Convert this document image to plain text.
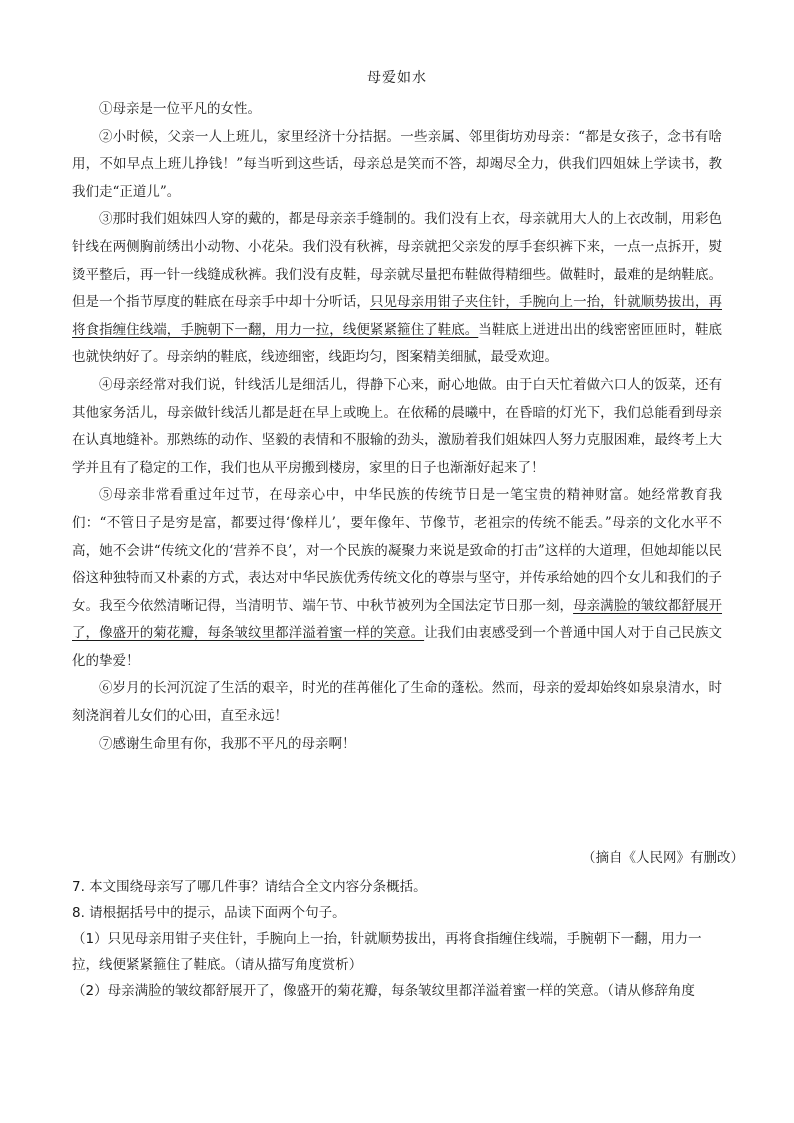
母爱如水

①母亲是一位平凡的女性。

②小时候，父亲一人上班儿，家里经济十分拮据。一些亲属、邻里街坊劝母亲：“都是女孩子，念书有啥用，不如早点上班儿挣钱！”每当听到这些话，母亲总是笑而不答，却竭尽全力，供我们四姐妹上学读书，教我们走“正道儿”。

③那时我们姐妹四人穿的戴的，都是母亲亲手缝制的。我们没有上衣，母亲就用大人的上衣改制，用彩色针线在两侧胸前绣出小动物、小花朵。我们没有秋裤，母亲就把父亲发的厚手套织裤下来，一点一点拆开，熨烫平整后，再一针一线缝成秋裤。我们没有皮鞋，母亲就尽量把布鞋做得精细些。做鞋时，最难的是纳鞋底。但是一个指节厚度的鞋底在母亲手中却十分听话，只见母亲用钳子夹住针，手腕向上一抬，针就顺势拔出，再将食指缠住线端，手腕朝下一翻，用力一拉，线便紧紧箍住了鞋底。当鞋底上迸进出出的线密密匝匝时，鞋底也就快纳好了。母亲纳的鞋底，线迹细密，线距均匀，图案精美细腻，最受欢迎。

④母亲经常对我们说，针线活儿是细活儿，得静下心来，耐心地做。由于白天忙着做六口人的饭菜，还有其他家务活儿，母亲做针线活儿都是赶在早上或晚上。在依稀的晨曦中，在昏暗的灯光下，我们总能看到母亲在认真地缝补。那熟练的动作、坚毅的表情和不服输的劲头，激励着我们姐妹四人努力克服困难，最终考上大学并且有了稳定的工作，我们也从平房搬到楼房，家里的日子也渐渐好起来了！

⑤母亲非常看重过年过节，在母亲心中，中华民族的传统节日是一笔宝贵的精神财富。她经常教育我们：“不管日子是穷是富，都要过得‘像样儿’，要年像年、节像节，老祖宗的传统不能丢。”母亲的文化水平不高，她不会讲“传统文化的‘营养不良’，对一个民族的凝聚力来说是致命的打击”这样的大道理，但她却能以民俗这种独特而又朴素的方式，表达对中华民族优秀传统文化的尊崇与坚守，并传承给她的四个女儿和我们的子女。我至今依然清晰记得，当清明节、端午节、中秋节被列为全国法定节日那一刻，母亲满脸的皱纹都舒展开了，像盛开的菊花瓣，每条皱纹里都洋溢着蜜一样的笑意。让我们由衷感受到一个普通中国人对于自己民族文化的挚爱！

⑥岁月的长河沉淀了生活的艰辛，时光的荏苒催化了生命的蓬松。然而，母亲的爱却始终如泉泉清水，时刻浇润着儿女们的心田，直至永远！

⑦感谢生命里有你，我那不平凡的母亲啊！

（摘自《人民网》有删改）

7. 本文围绕母亲写了哪几件事？请结合全文内容分条概括。

8. 请根据括号中的提示，品读下面两个句子。

（1）只见母亲用钳子夹住针，手腕向上一抬，针就顺势拔出，再将食指缠住线端，手腕朝下一翻，用力一拉，线便紧紧箍住了鞋底。（请从描写角度赏析）

（2）母亲满脸的皱纹都舒展开了，像盛开的菊花瓣，每条皱纹里都洋溢着蜜一样的笑意。（请从修辞角度
